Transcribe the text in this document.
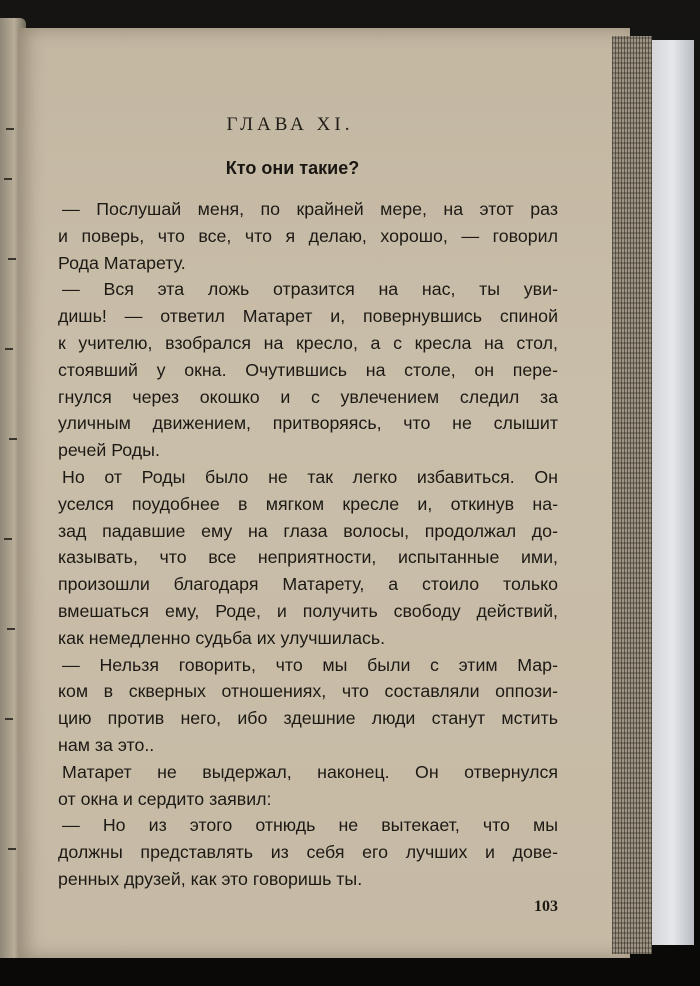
ГЛАВА XI.
Кто они такие?
— Послушай меня, по крайней мере, на этот раз
и поверь, что все, что я делаю, хорошо, — говорил
Рода Матарету.
— Вся эта ложь отразится на нас, ты уви-
дишь! — ответил Матарет и, повернувшись спиной
к учителю, взобрался на кресло, а с кресла на стол,
стоявший у окна. Очутившись на столе, он пере-
гнулся через окошко и с увлечением следил за
уличным движением, притворяясь, что не слышит
речей Роды.
Но от Роды было не так легко избавиться. Он
уселся поудобнее в мягком кресле и, откинув на-
зад падавшие ему на глаза волосы, продолжал до-
казывать, что все неприятности, испытанные ими,
произошли благодаря Матарету, а стоило только
вмешаться ему, Роде, и получить свободу действий,
как немедленно судьба их улучшилась.
— Нельзя говорить, что мы были с этим Мар-
ком в скверных отношениях, что составляли оппози-
цию против него, ибо здешние люди станут мстить
нам за это..
Матарет не выдержал, наконец. Он отвернулся
от окна и сердито заявил:
— Но из этого отнюдь не вытекает, что мы
должны представлять из себя его лучших и дове-
ренных друзей, как это говоришь ты.
103
